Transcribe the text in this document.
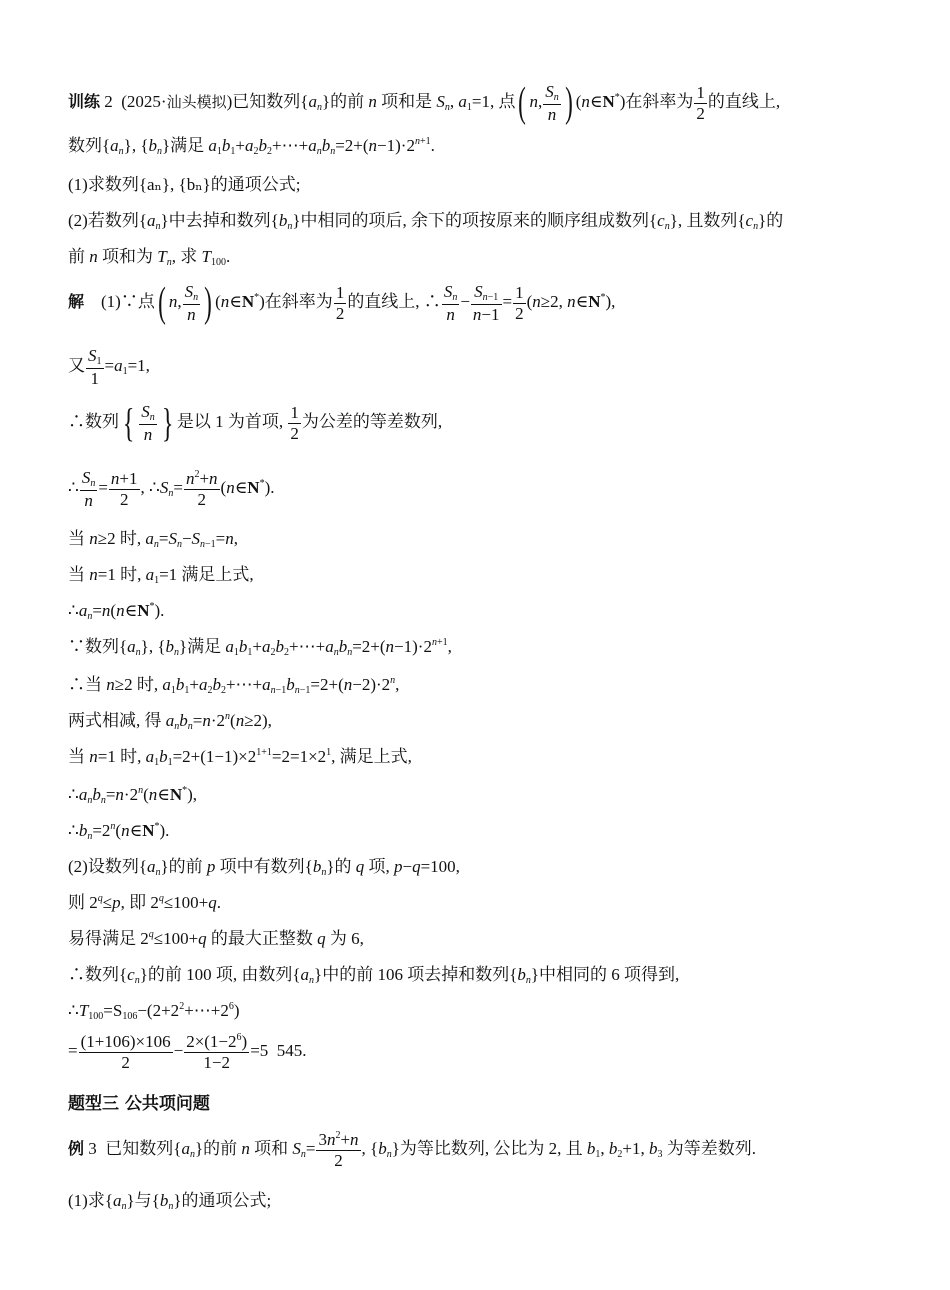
训练 2  (2025·汕头模拟)已知数列$\{a_n\}$的前 n 项和是 $S_n$, $a_1=1$, 点( n, $\frac{S_n}{n}$ ) (n∈N*)在斜率为 $\frac{1}{2}$ 的直线上,
数列$\{a_n\}$, $\{b_n\}$满足 $a_1b_1+a_2b_2+\cdots+a_nb_n=2+(n-1)\cdot 2^{n+1}$.
(1)求数列{aₙ}, {bₙ}的通项公式;
(2)若数列$\{a_n\}$中去掉和数列$\{b_n\}$中相同的项后, 余下的项按原来的顺序组成数列$\{c_n\}$, 且数列$\{c_n\}$的
前 n 项和为 $T_n$, 求 $T_{100}$.
解    (1)∵点( n, $\frac{S_n}{n}$ ) (n∈N*)在斜率为 $\frac{1}{2}$ 的直线上, ∴ $\frac{S_n}{n} - \frac{S_{n-1}}{n-1} = \frac{1}{2} (n\ge 2$, n∈N*),
又 $\frac{S_1}{1} =a_1=1$,
∴数列{ $\frac{S_n}{n}$ } 是以 1 为首项, $\frac{1}{2}$ 为公差的等差数列,
∴ $\frac{S_n}{n} = \frac{n+1}{2}$ , $\therefore S_n= \frac{n^2+n}{2}$ (n∈N*).
当 n≥2 时, $a_n=S_n-S_{n-1}=n$,
当 n=1 时, $a_1=1$ 满足上式,
$\therefore a_n=n(n\in N^*)$.
∵数列$\{a_n\}$, $\{b_n\}$满足 $a_1b_1+a_2b_2+\cdots+a_nb_n=2+(n-1)\cdot 2^{n+1}$,
∴当 n≥2 时, $a_1b_1+a_2b_2+\cdots+a_{n-1}b_{n-1}=2+(n-2)\cdot 2^n$,
两式相减, 得 $a_nb_n=n\cdot 2^n(n\ge 2)$,
当 n=1 时, $a_1b_1=2+(1-1)\times 2^{1+1}=2=1\times 2^1$, 满足上式,
$\therefore a_nb_n=n\cdot 2^n(n\in N^*)$,
$\therefore b_n=2^n(n\in N^*)$.
(2)设数列$\{a_n\}$的前 p 项中有数列$\{b_n\}$的 q 项, p−q=100,
则 $2^q\le p$, 即 $2^q\le 100+q$.
易得满足 $2^q\le 100+q$ 的最大正整数 q 为 6,
∴数列$\{c_n\}$的前 100 项, 由数列$\{a_n\}$中的前 106 项去掉和数列$\{b_n\}$中相同的 6 项得到,
$\therefore T_{100}=S_{106}-(2+2^2+\cdots+2^6)$
= $\frac{(1+106)\times 106}{2} - \frac{2\times(1-2^6)}{1-2} =5$  545.
题型三 公共项问题
例 3  已知数列$\{a_n\}$的前 n 项和 $S_n= \frac{3n^2+n}{2}$ , $\{b_n\}$为等比数列, 公比为 2, 且 $b_1$, $b_2+1$, $b_3$ 为等差数列.
(1)求$\{a_n\}$与$\{b_n\}$的通项公式;
